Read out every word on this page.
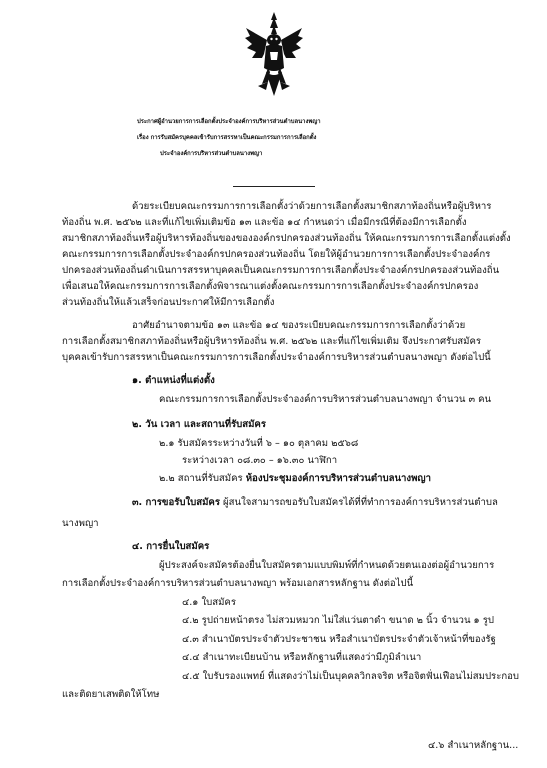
ประกาศผู้อำนวยการการเลือกตั้งประจำองค์การบริหารส่วนตำบลนางพญา
เรื่อง การรับสมัครบุคคลเข้ารับการสรรหาเป็นคณะกรรมการการเลือกตั้ง
ประจำองค์การบริหารส่วนตำบลนางพญา
ด้วยระเบียบคณะกรรมการการเลือกตั้งว่าด้วยการเลือกตั้งสมาชิกสภาท้องถิ่นหรือผู้บริหาร
ท้องถิ่น พ.ศ. ๒๕๖๒ และที่แก้ไขเพิ่มเติมข้อ ๑๓ และข้อ ๑๔ กำหนดว่า เมื่อมีกรณีที่ต้องมีการเลือกตั้ง
สมาชิกสภาท้องถิ่นหรือผู้บริหารท้องถิ่นของขององค์กรปกครองส่วนท้องถิ่น ให้คณะกรรมการการเลือกตั้งแต่งตั้ง
คณะกรรมการการเลือกตั้งประจำองค์กรปกครองส่วนท้องถิ่น โดยให้ผู้อำนวยการการเลือกตั้งประจำองค์กร
ปกครองส่วนท้องถิ่นดำเนินการสรรหาบุคคลเป็นคณะกรรมการการเลือกตั้งประจำองค์กรปกครองส่วนท้องถิ่น
เพื่อเสนอให้คณะกรรมการการเลือกตั้งพิจารณาแต่งตั้งคณะกรรมการการเลือกตั้งประจำองค์กรปกครอง
ส่วนท้องถิ่นให้แล้วเสร็จก่อนประกาศให้มีการเลือกตั้ง
อาศัยอำนาจตามข้อ ๑๓ และข้อ ๑๔ ของระเบียบคณะกรรมการการเลือกตั้งว่าด้วย
การเลือกตั้งสมาชิกสภาท้องถิ่นหรือผู้บริหารท้องถิ่น พ.ศ. ๒๕๖๒ และที่แก้ไขเพิ่มเติม จึงประกาศรับสมัคร
บุคคลเข้ารับการสรรหาเป็นคณะกรรมการการเลือกตั้งประจำองค์การบริหารส่วนตำบลนางพญา ดังต่อไปนี้
๑. ตำแหน่งที่แต่งตั้ง
คณะกรรมการการเลือกตั้งประจำองค์การบริหารส่วนตำบลนางพญา จำนวน ๓ คน
๒. วัน เวลา และสถานที่รับสมัคร
๒.๑ รับสมัครระหว่างวันที่ ๖ – ๑๐ ตุลาคม ๒๕๖๘
ระหว่างเวลา ๐๘.๓๐ – ๑๖.๓๐ นาฬิกา
๒.๒ สถานที่รับสมัคร ห้องประชุมองค์การบริหารส่วนตำบลนางพญา
๓. การขอรับใบสมัคร ผู้สนใจสามารถขอรับใบสมัครได้ที่ที่ทำการองค์การบริหารส่วนตำบล
นางพญา
๔. การยื่นใบสมัคร
ผู้ประสงค์จะสมัครต้องยื่นใบสมัครตามแบบพิมพ์ที่กำหนดด้วยตนเองต่อผู้อำนวยการ
การเลือกตั้งประจำองค์การบริหารส่วนตำบลนางพญา พร้อมเอกสารหลักฐาน ดังต่อไปนี้
๔.๑ ใบสมัคร
๔.๒ รูปถ่ายหน้าตรง ไม่สวมหมวก ไม่ใส่แว่นตาดำ ขนาด ๒ นิ้ว จำนวน ๑ รูป
๔.๓ สำเนาบัตรประจำตัวประชาชน หรือสำเนาบัตรประจำตัวเจ้าหน้าที่ของรัฐ
๔.๔ สำเนาทะเบียนบ้าน หรือหลักฐานที่แสดงว่ามีภูมิลำเนา
๔.๕ ใบรับรองแพทย์ ที่แสดงว่าไม่เป็นบุคคลวิกลจริต หรือจิตฟั่นเฟือนไม่สมประกอบ
และติดยาเสพติดให้โทษ
๔.๖ สำเนาหลักฐาน...
